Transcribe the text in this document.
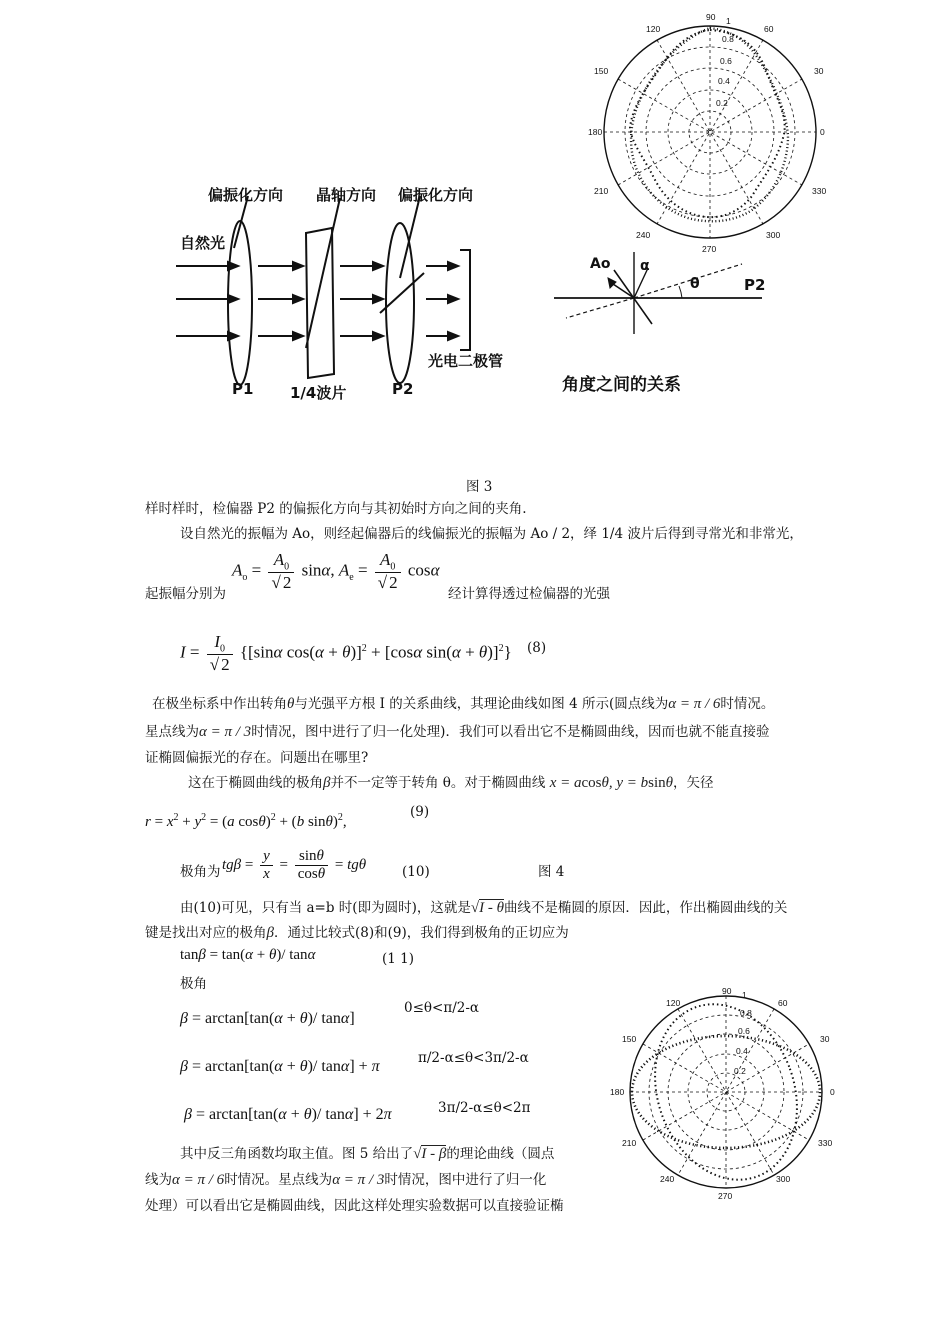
偏振化方向 晶轴方向 偏振化方向
自然光
P1 1/4波片	P2
光电二极管
90
120	60
150	30
180	0
210	330
240	300
270
1
0.8
0.6
0.4
0.2
Ao α
θ	P2
角度之间的关系
图 3
样时样时，检偏器 P2 的偏振化方向与其初始时方向之间的夹角.
设自然光的振幅为 Ao，则经起偏器后的线偏振光的振幅为 Ao / 2，绎 1/4 波片后得到寻常光和非常光，
起振幅分别为
$A_o = \frac{A_0}{√ 2} \sin\alpha$, $A_e = \frac{A_0}{√ 2}$ cosα
经计算得透过检偏器的光强
$I = \frac{I_0}{√ 2} \{[\sin\alpha$ cos(α + θ)]$^2$ + [cosα sin(α + θ)]$^2$} (8)
在极坐标系中作出转角θ与光强平方根 I 的关系曲线，其理论曲线如图 4 所示(圆点线为α = π / 6时情况。
星点线为α = π / 3时情况，图中进行了归一化处理)．我们可以看出它不是椭圆曲线，因而也就不能直接验
证椭圆偏振光的存在。问题出在哪里?
这在于椭圆曲线的极角β并不一定等于转角 θ。对于椭圆曲线 x = acosθ, y = bsinθ，矢径
$r = x^2 + y^2 = (a$ cosθ)$^2$ + (b sinθ)$^2$,
(9)
极角为 $tg\beta = \frac{y}{x} = \frac{\sin\theta}{\cos\theta} = tg\theta$	(10)	图 4
由(10)可见，只有当 a=b 时(即为圆时)，这就是√I - θ曲线不是椭圆的原因．因此，作出椭圆曲线的关
键是找出对应的极角β．通过比较式(8)和(9)，我们得到极角的正切应为
tanβ = tan(α + θ)/ tanα	(1 1)
极角
β = arctan[tan(α + θ)/ tanα]
0≤θ<π/2-α
β = arctan[tan(α + θ)/ tanα] + π	π/2-α≤θ<3π/2-α
β = arctan[tan(α + θ)/ tanα] + 2π	3π/2-α≤θ<2π
其中反三角函数均取主值。图 5 给出了√I - β的理论曲线（圆点
线为α = π / 6时情况。星点线为α = π / 3时情况，图中进行了归一化
处理）可以看出它是椭圆曲线，因此这样处理实验数据可以直接验证椭
90
120	60
150	30
180	0
210	330
240	300
270
1
0.8
0.6
0.4
0.2
